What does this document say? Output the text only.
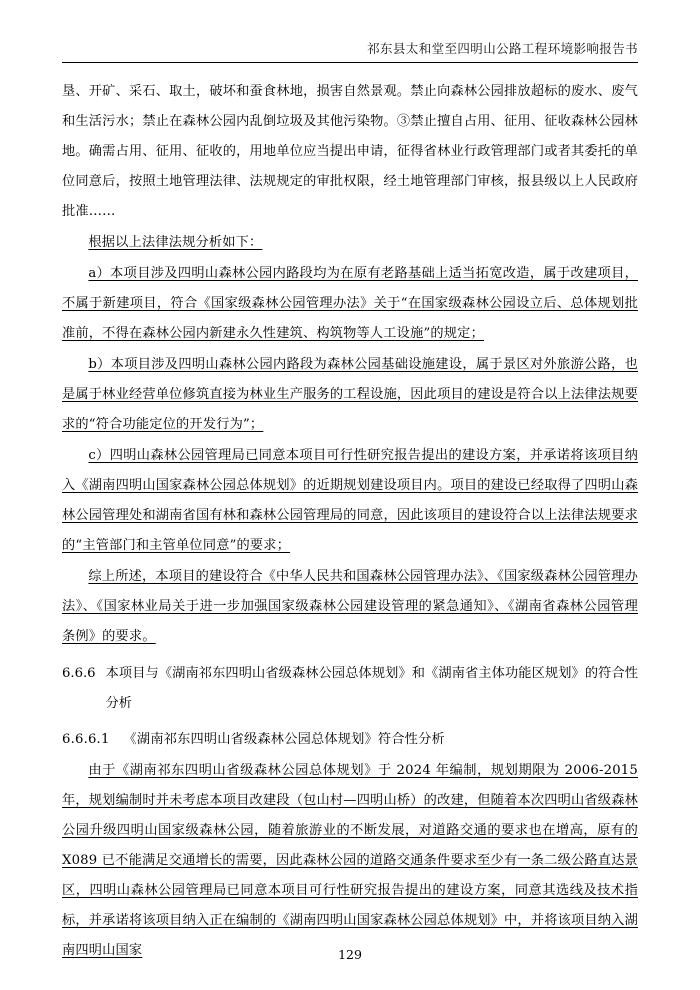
祁东县太和堂至四明山公路工程环境影响报告书

垦、开矿、采石、取土，破坏和蚕食林地，损害自然景观。禁止向森林公园排放超标的废水、废气和生活污水；禁止在森林公园内乱倒垃圾及其他污染物。③禁止擅自占用、征用、征收森林公园林地。确需占用、征用、征收的，用地单位应当提出申请，征得省林业行政管理部门或者其委托的单位同意后，按照土地管理法律、法规规定的审批权限，经土地管理部门审核，报县级以上人民政府批准……

根据以上法律法规分析如下：

a）本项目涉及四明山森林公园内路段均为在原有老路基础上适当拓宽改造，属于改建项目，不属于新建项目，符合《国家级森林公园管理办法》关于“在国家级森林公园设立后、总体规划批准前，不得在森林公园内新建永久性建筑、构筑物等人工设施”的规定；

b）本项目涉及四明山森林公园内路段为森林公园基础设施建设，属于景区对外旅游公路，也是属于林业经营单位修筑直接为林业生产服务的工程设施，因此项目的建设是符合以上法律法规要求的“符合功能定位的开发行为”；

c）四明山森林公园管理局已同意本项目可行性研究报告提出的建设方案，并承诺将该项目纳入《湖南四明山国家森林公园总体规划》的近期规划建设项目内。项目的建设已经取得了四明山森林公园管理处和湖南省国有林和森林公园管理局的同意，因此该项目的建设符合以上法律法规要求的“主管部门和主管单位同意”的要求；

综上所述，本项目的建设符合《中华人民共和国森林公园管理办法》、《国家级森林公园管理办法》、《国家林业局关于进一步加强国家级森林公园建设管理的紧急通知》、《湖南省森林公园管理条例》的要求。

6.6.6 本项目与《湖南祁东四明山省级森林公园总体规划》和《湖南省主体功能区规划》的符合性分析

6.6.6.1 《湖南祁东四明山省级森林公园总体规划》符合性分析

由于《湖南祁东四明山省级森林公园总体规划》于 2024 年编制，规划期限为 2006-2015 年，规划编制时并未考虑本项目改建段（包山村—四明山桥）的改建，但随着本次四明山省级森林公园升级四明山国家级森林公园，随着旅游业的不断发展，对道路交通的要求也在增高，原有的 X089 已不能满足交通增长的需要，因此森林公园的道路交通条件要求至少有一条二级公路直达景区，四明山森林公园管理局已同意本项目可行性研究报告提出的建设方案，同意其选线及技术指标，并承诺将该项目纳入正在编制的《湖南四明山国家森林公园总体规划》中，并将该项目纳入湖南四明山国家	129
